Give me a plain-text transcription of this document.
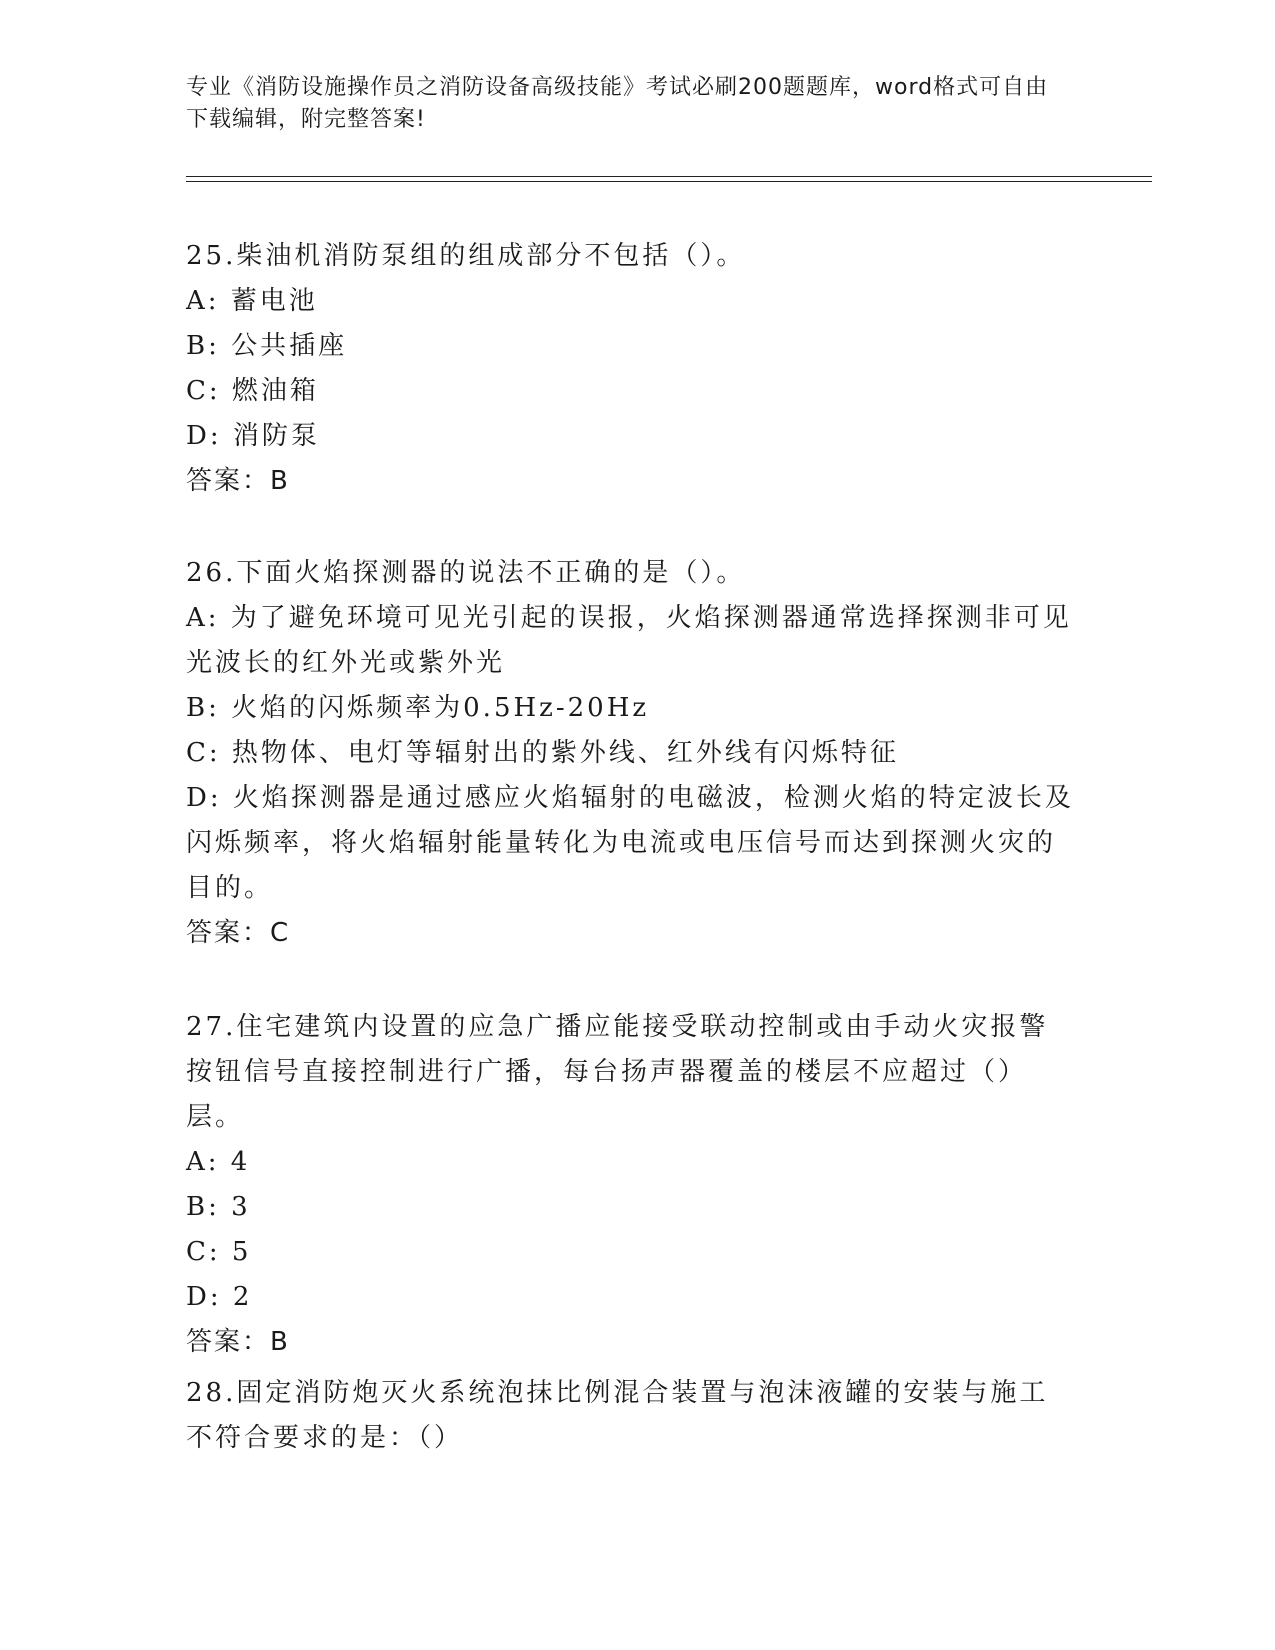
专业《消防设施操作员之消防设备高级技能》考试必刷200题题库，word格式可自由下载编辑，附完整答案!
25.柴油机消防泵组的组成部分不包括（）。
A: 蓄电池
B: 公共插座
C: 燃油箱
D: 消防泵
答案：B
26.下面火焰探测器的说法不正确的是（）。
A: 为了避免环境可见光引起的误报，火焰探测器通常选择探测非可见光波长的红外光或紫外光
B: 火焰的闪烁频率为0.5Hz-20Hz
C: 热物体、电灯等辐射出的紫外线、红外线有闪烁特征
D: 火焰探测器是通过感应火焰辐射的电磁波，检测火焰的特定波长及闪烁频率，将火焰辐射能量转化为电流或电压信号而达到探测火灾的目的。
答案：C
27.住宅建筑内设置的应急广播应能接受联动控制或由手动火灾报警按钮信号直接控制进行广播，每台扬声器覆盖的楼层不应超过（）层。
A: 4
B: 3
C: 5
D: 2
答案：B
28.固定消防炮灭火系统泡抹比例混合装置与泡沫液罐的安装与施工不符合要求的是：（）
